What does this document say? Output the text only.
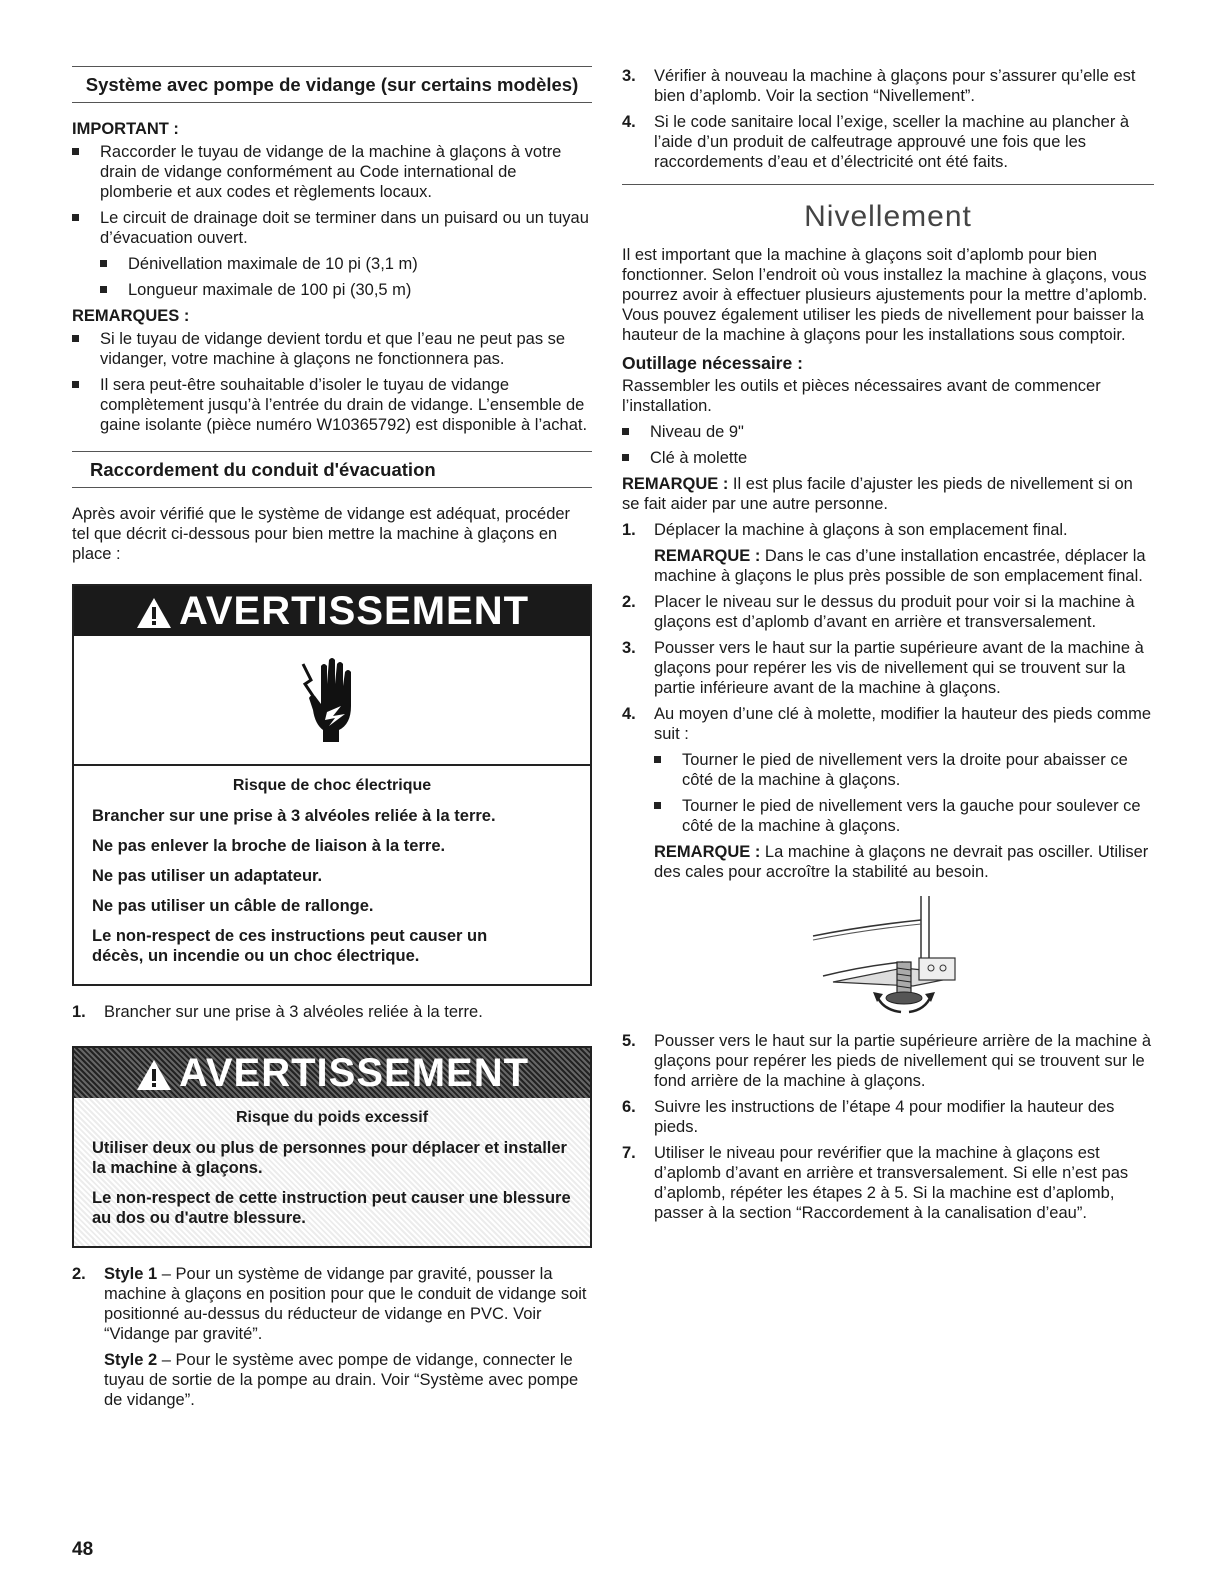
Système avec pompe de vidange (sur certains modèles)
IMPORTANT :
Raccorder le tuyau de vidange de la machine à glaçons à votre drain de vidange conformément au Code international de plomberie et aux codes et règlements locaux.
Le circuit de drainage doit se terminer dans un puisard ou un tuyau d’évacuation ouvert.
Dénivellation maximale de 10 pi (3,1 m)
Longueur maximale de 100 pi (30,5 m)
REMARQUES :
Si le tuyau de vidange devient tordu et que l’eau ne peut pas se vidanger, votre machine à glaçons ne fonctionnera pas.
Il sera peut-être souhaitable d’isoler le tuyau de vidange complètement jusqu’à l’entrée du drain de vidange. L’ensemble de gaine isolante (pièce numéro W10365792) est disponible à l’achat.
Raccordement du conduit d'évacuation
Après avoir vérifié que le système de vidange est adéquat, procéder tel que décrit ci-dessous pour bien mettre la machine à glaçons en place :
AVERTISSEMENT

Risque de choc électrique

Brancher sur une prise à 3 alvéoles reliée à la terre.

Ne pas enlever la broche de liaison à la terre.

Ne pas utiliser un adaptateur.

Ne pas utiliser un câble de rallonge.

Le non-respect de ces instructions peut causer un décès, un incendie ou un choc électrique.

1. Brancher sur une prise à 3 alvéoles reliée à la terre.
AVERTISSEMENT

Risque du poids excessif

Utiliser deux ou plus de personnes pour déplacer et installer la machine à glaçons.

Le non-respect de cette instruction peut causer une blessure au dos ou d'autre blessure.

2. Style 1 – Pour un système de vidange par gravité, pousser la machine à glaçons en position pour que le conduit de vidange soit positionné au-dessus du réducteur de vidange en PVC. Voir “Vidange par gravité”.
Style 2 – Pour le système avec pompe de vidange, connecter le tuyau de sortie de la pompe au drain. Voir “Système avec pompe de vidange”.
3. Vérifier à nouveau la machine à glaçons pour s’assurer qu’elle est bien d’aplomb. Voir la section “Nivellement”.
4. Si le code sanitaire local l’exige, sceller la machine au plancher à l’aide d’un produit de calfeutrage approuvé une fois que les raccordements d’eau et d’électricité ont été faits.
Nivellement
Il est important que la machine à glaçons soit d’aplomb pour bien fonctionner. Selon l’endroit où vous installez la machine à glaçons, vous pourrez avoir à effectuer plusieurs ajustements pour la mettre d’aplomb. Vous pouvez également utiliser les pieds de nivellement pour baisser la hauteur de la machine à glaçons pour les installations sous comptoir.
Outillage nécessaire :
Rassembler les outils et pièces nécessaires avant de commencer l’installation.
Niveau de 9"
Clé à molette
REMARQUE : Il est plus facile d’ajuster les pieds de nivellement si on se fait aider par une autre personne.
1. Déplacer la machine à glaçons à son emplacement final.
REMARQUE : Dans le cas d’une installation encastrée, déplacer la machine à glaçons le plus près possible de son emplacement final.
2. Placer le niveau sur le dessus du produit pour voir si la machine à glaçons est d’aplomb d’avant en arrière et transversalement.
3. Pousser vers le haut sur la partie supérieure avant de la machine à glaçons pour repérer les vis de nivellement qui se trouvent sur la partie inférieure avant de la machine à glaçons.
4. Au moyen d’une clé à molette, modifier la hauteur des pieds comme suit :
Tourner le pied de nivellement vers la droite pour abaisser ce côté de la machine à glaçons.
Tourner le pied de nivellement vers la gauche pour soulever ce côté de la machine à glaçons.
REMARQUE : La machine à glaçons ne devrait pas osciller. Utiliser des cales pour accroître la stabilité au besoin.
5. Pousser vers le haut sur la partie supérieure arrière de la machine à glaçons pour repérer les pieds de nivellement qui se trouvent sur le fond arrière de la machine à glaçons.
6. Suivre les instructions de l’étape 4 pour modifier la hauteur des pieds.
7. Utiliser le niveau pour revérifier que la machine à glaçons est d’aplomb d’avant en arrière et transversalement. Si elle n’est pas d’aplomb, répéter les étapes 2 à 5. Si la machine est d’aplomb, passer à la section “Raccordement à la canalisation d’eau”.
48
